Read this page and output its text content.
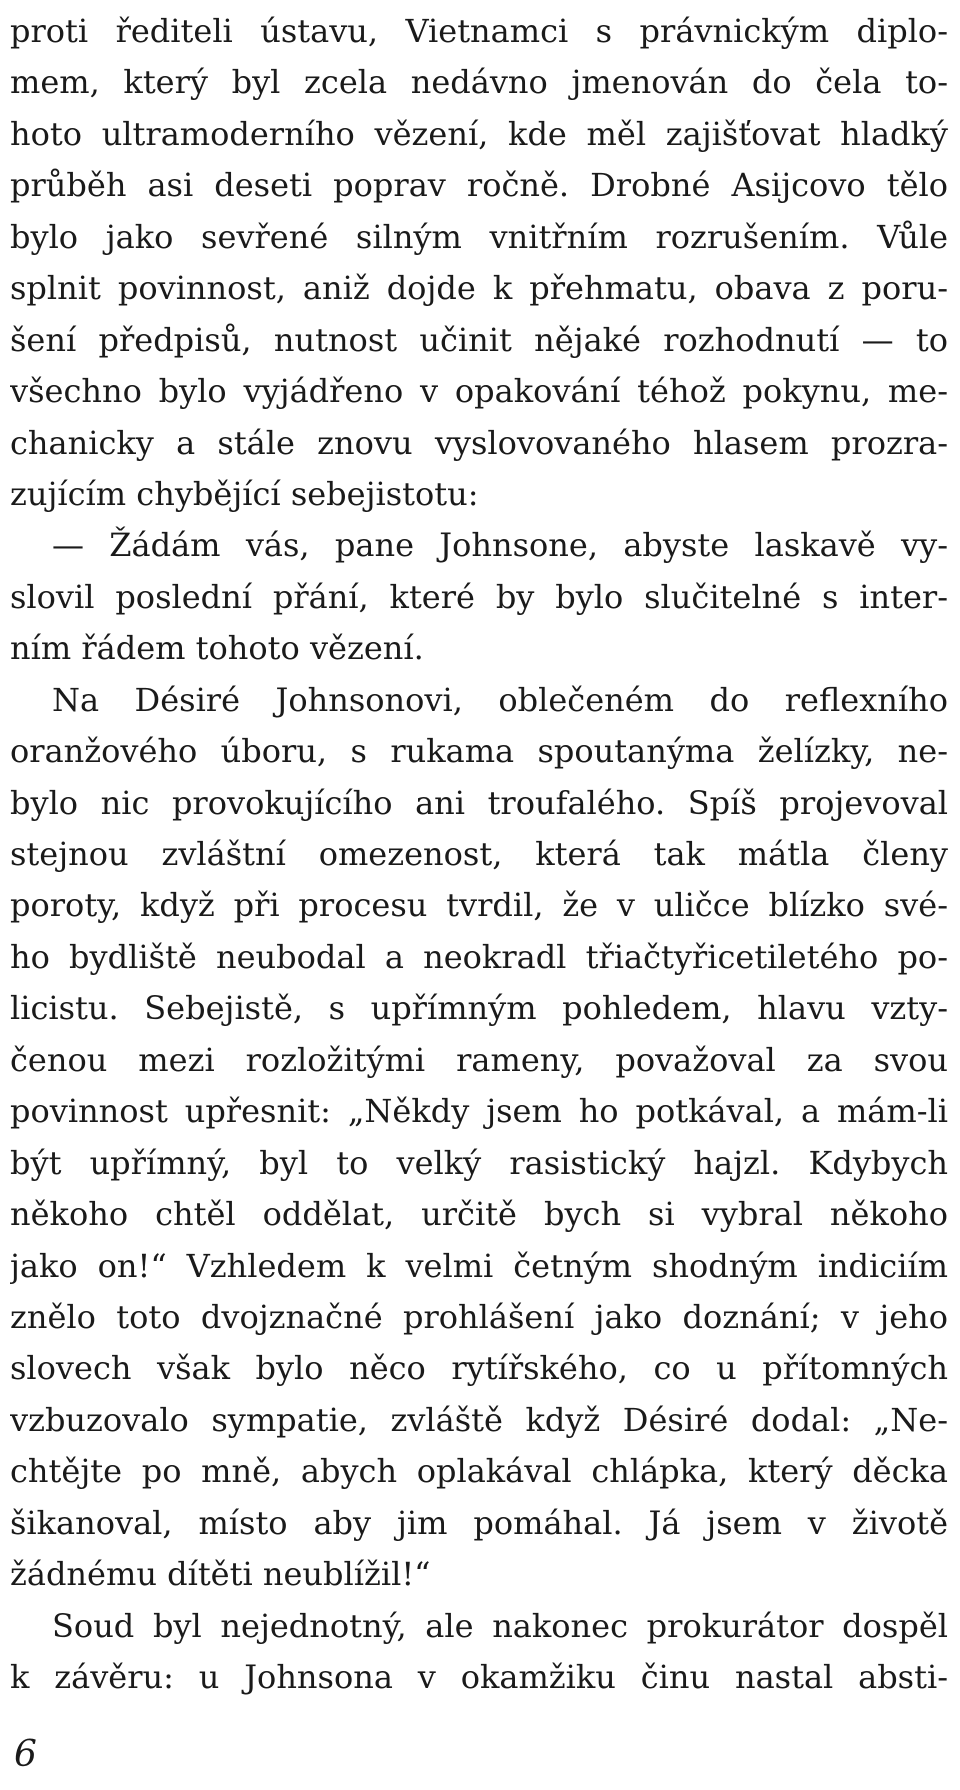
proti řediteli ústavu, Vietnamci s právnickým diplo-
mem, který byl zcela nedávno jmenován do čela to-
hoto ultramoderního vězení, kde měl zajišťovat hladký
průběh asi deseti poprav ročně. Drobné Asijcovo tělo
bylo jako sevřené silným vnitřním rozrušením. Vůle
splnit povinnost, aniž dojde k přehmatu, obava z poru-
šení předpisů, nutnost učinit nějaké rozhodnutí — to
všechno bylo vyjádřeno v opakování téhož pokynu, me-
chanicky a stále znovu vyslovovaného hlasem prozra-
zujícím chybějící sebejistotu:
— Žádám vás, pane Johnsone, abyste laskavě vy-
slovil poslední přání, které by bylo slučitelné s inter-
ním řádem tohoto vězení.
Na Désiré Johnsonovi, oblečeném do reflexního
oranžového úboru, s rukama spoutanýma želízky, ne-
bylo nic provokujícího ani troufalého. Spíš projevoval
stejnou zvláštní omezenost, která tak mátla členy
poroty, když při procesu tvrdil, že v uličce blízko své-
ho bydliště neubodal a neokradl třiačtyřicetiletého po-
licistu. Sebejistě, s upřímným pohledem, hlavu vzty-
čenou mezi rozložitými rameny, považoval za svou
povinnost upřesnit: „Někdy jsem ho potkával, a mám-li
být upřímný, byl to velký rasistický hajzl. Kdybych
někoho chtěl oddělat, určitě bych si vybral někoho
jako on!“ Vzhledem k velmi četným shodným indiciím
znělo toto dvojznačné prohlášení jako doznání; v jeho
slovech však bylo něco rytířského, co u přítomných
vzbuzovalo sympatie, zvláště když Désiré dodal: „Ne-
chtějte po mně, abych oplakával chlápka, který děcka
šikanoval, místo aby jim pomáhal. Já jsem v životě
žádnému dítěti neublížil!“
Soud byl nejednotný, ale nakonec prokurátor dospěl
k závěru: u Johnsona v okamžiku činu nastal absti-
6
